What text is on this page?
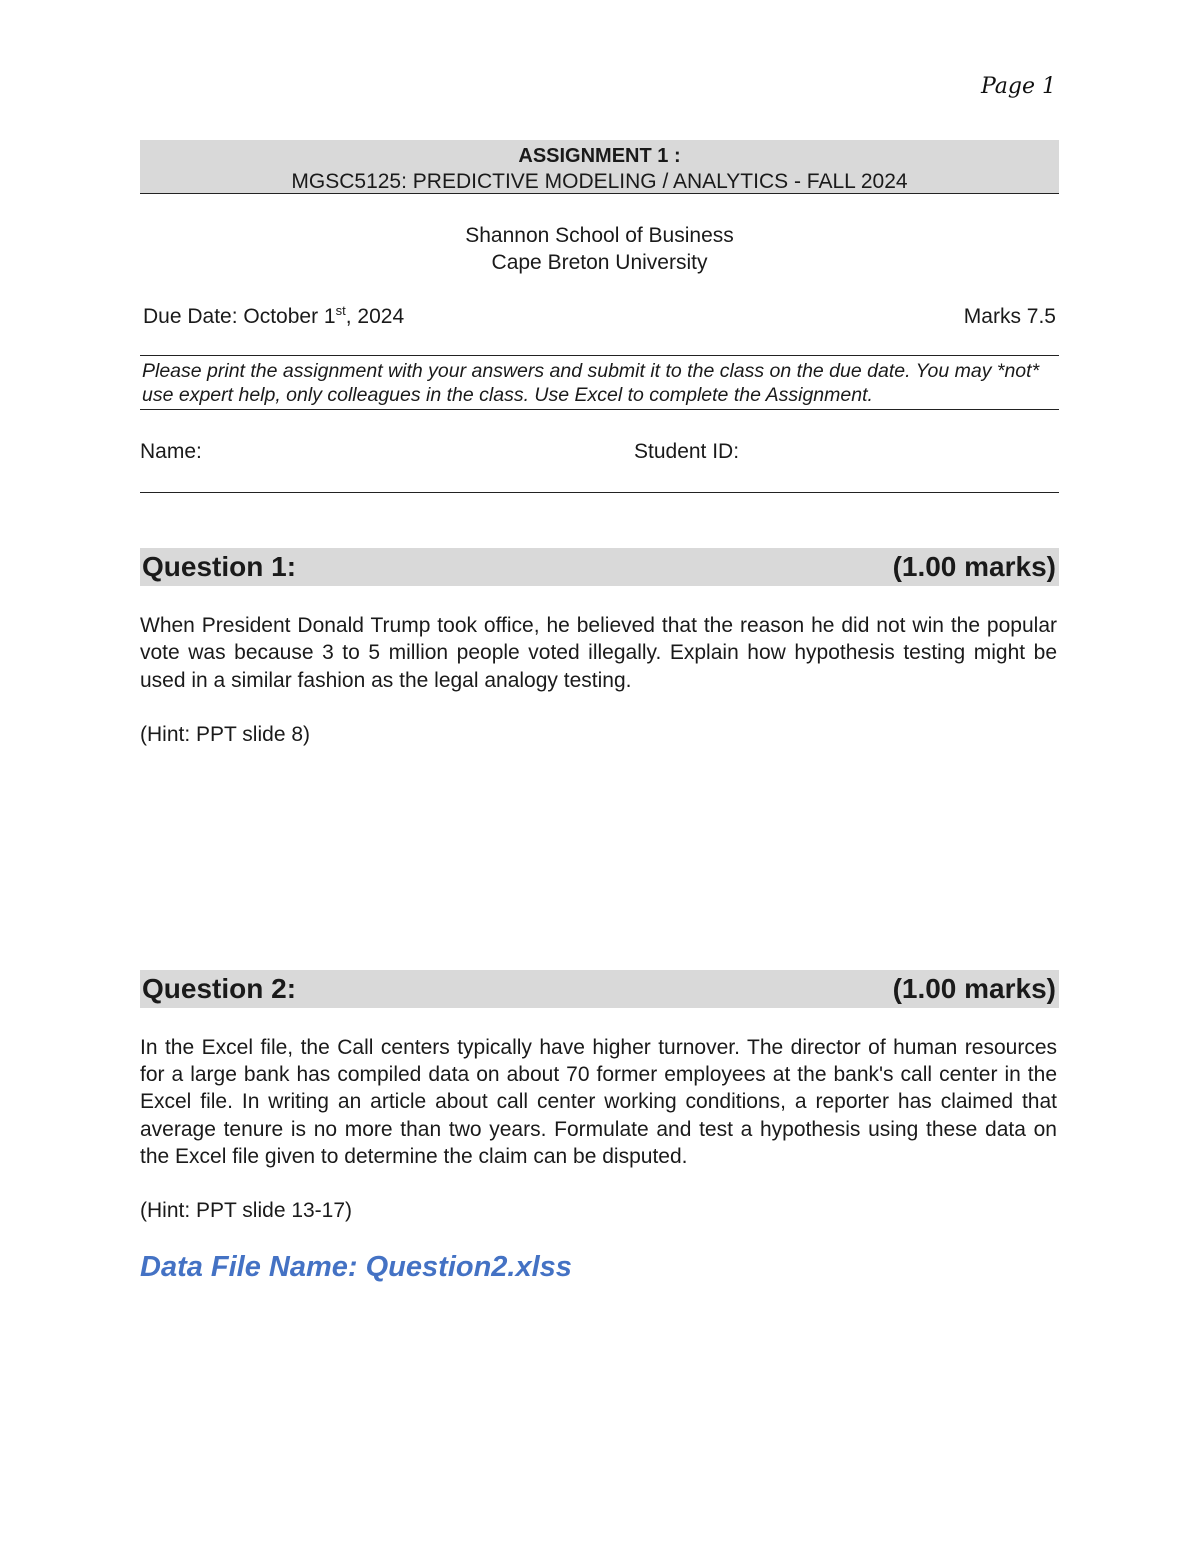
Page 1
ASSIGNMENT 1 :
MGSC5125: PREDICTIVE MODELING / ANALYTICS - FALL 2024
Shannon School of Business
Cape Breton University
Due Date: October 1st, 2024	Marks 7.5
Please print the assignment with your answers and submit it to the class on the due date. You may *not* use expert help, only colleagues in the class. Use Excel to complete the Assignment.
Name:	Student ID:
Question 1:	(1.00 marks)
When President Donald Trump took office, he believed that the reason he did not win the popular vote was because 3 to 5 million people voted illegally. Explain how hypothesis testing might be used in a similar fashion as the legal analogy testing.
(Hint: PPT slide 8)
Question 2:	(1.00 marks)
In the Excel file, the Call centers typically have higher turnover. The director of human resources for a large bank has compiled data on about 70 former employees at the bank's call center in the Excel file. In writing an article about call center working conditions, a reporter has claimed that average tenure is no more than two years. Formulate and test a hypothesis using these data on the Excel file given to determine the claim can be disputed.
(Hint: PPT slide 13-17)
Data File Name: Question2.xlss
